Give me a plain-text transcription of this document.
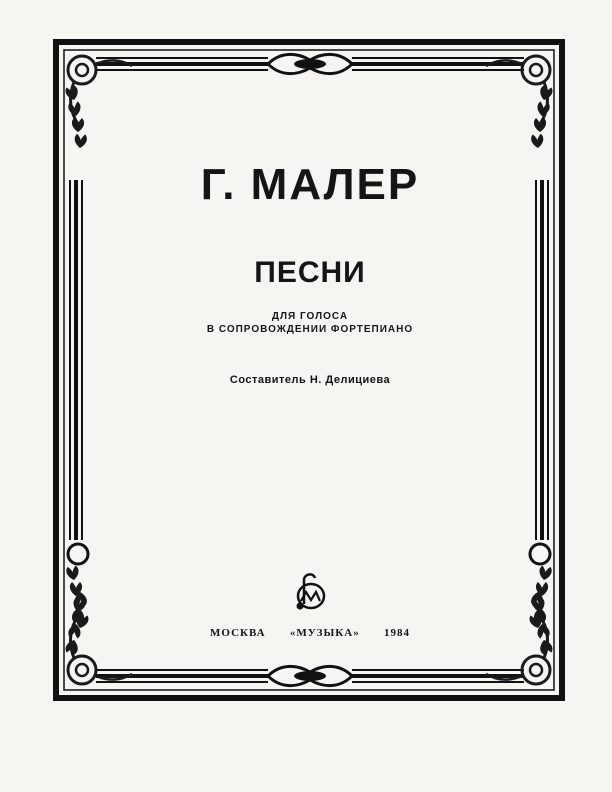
Г. МАЛЕР
ПЕСНИ
ДЛЯ ГОЛОСА
В СОПРОВОЖДЕНИИ ФОРТЕПИАНО
Составитель Н. Делициева
МОСКВА «МУЗЫКА» 1984
